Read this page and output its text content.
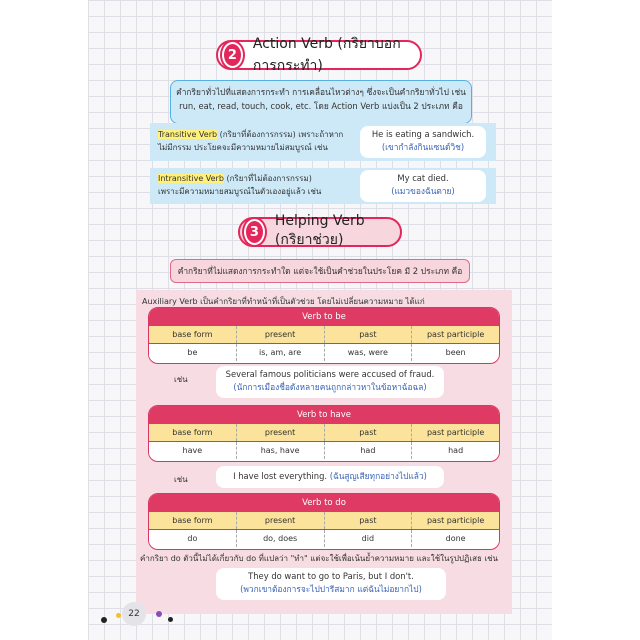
2
Action Verb (กริยาบอกการกระทำ)
คำกริยาทั่วไปที่แสดงการกระทำ การเคลื่อนไหวต่างๆ ซึ่งจะเป็นคำกริยาทั่วไป เช่น
run, eat, read, touch, cook, etc. โดย Action Verb แบ่งเป็น 2 ประเภท คือ
Transitive Verb (กริยาที่ต้องการกรรม) เพราะถ้าหาก
ไม่มีกรรม ประโยคจะมีความหมายไม่สมบูรณ์ เช่น
He is eating a sandwich.
(เขากำลังกินแซนด์วิช)
Intransitive Verb (กริยาที่ไม่ต้องการกรรม)
เพราะมีความหมายสมบูรณ์ในตัวเองอยู่แล้ว เช่น
My cat died.
(แมวของฉันตาย)
3
Helping Verb (กริยาช่วย)
คำกริยาที่ไม่แสดงการกระทำใด แต่จะใช้เป็นคำช่วยในประโยค มี 2 ประเภท คือ
Auxiliary Verb เป็นคำกริยาที่ทำหน้าที่เป็นตัวช่วย โดยไม่เปลี่ยนความหมาย ได้แก่
Verb to be
base form	present	past	past participle
be	is, am, are	was, were	been
เช่น
Several famous politicians were accused of fraud.
(นักการเมืองชื่อดังหลายคนถูกกล่าวหาในข้อหาฉ้อฉล)
Verb to have
base form	present	past	past participle
have	has, have	had	had
เช่น	I have lost everything. (ฉันสูญเสียทุกอย่างไปแล้ว)
Verb to do
base form	present	past	past participle
do	do, does	did	done
คำกริยา do ตัวนี้ไม่ได้เกี่ยวกับ do ที่แปลว่า "ทำ" แต่จะใช้เพื่อเน้นย้ำความหมาย และใช้ในรูปปฏิเสธ เช่น
They do want to go to Paris, but I don't.
(พวกเขาต้องการจะไปปารีสมาก แต่ฉันไม่อยากไป)
22
